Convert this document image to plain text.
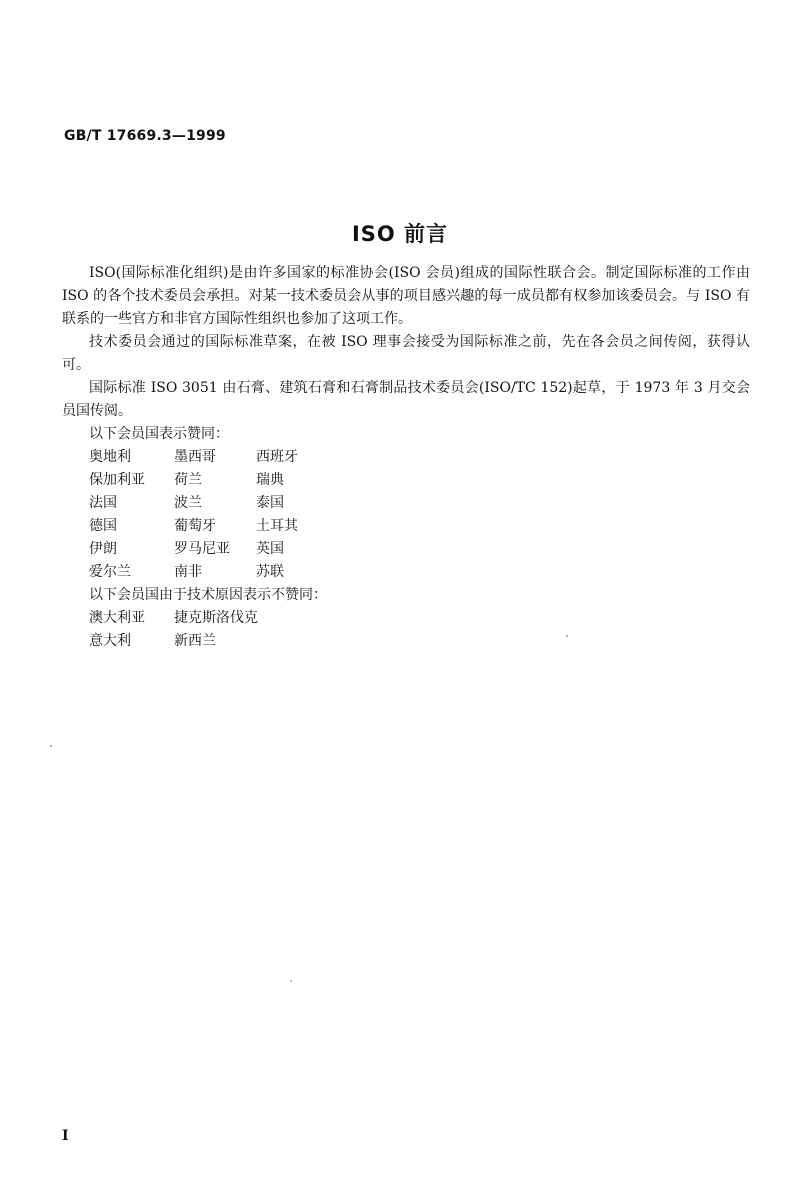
GB/T 17669.3—1999
ISO 前言

ISO(国际标准化组织)是由许多国家的标准协会(ISO 会员)组成的国际性联合会。制定国际标准的工作由 ISO 的各个技术委员会承担。对某一技术委员会从事的项目感兴趣的每一成员都有权参加该委员会。与 ISO 有联系的一些官方和非官方国际性组织也参加了这项工作。

技术委员会通过的国际标准草案，在被 ISO 理事会接受为国际标准之前，先在各会员之间传阅，获得认可。

国际标准 ISO 3051 由石膏、建筑石膏和石膏制品技术委员会(ISO/TC 152)起草，于 1973 年 3 月交会员国传阅。

以下会员国表示赞同：

奥地利	墨西哥	西班牙
保加利亚	荷兰	瑞典
法国	波兰	泰国
德国	葡萄牙	土耳其
伊朗	罗马尼亚	英国
爱尔兰	南非	苏联

以下会员国由于技术原因表示不赞同：

澳大利亚	捷克斯洛伐克
意大利	新西兰
I
